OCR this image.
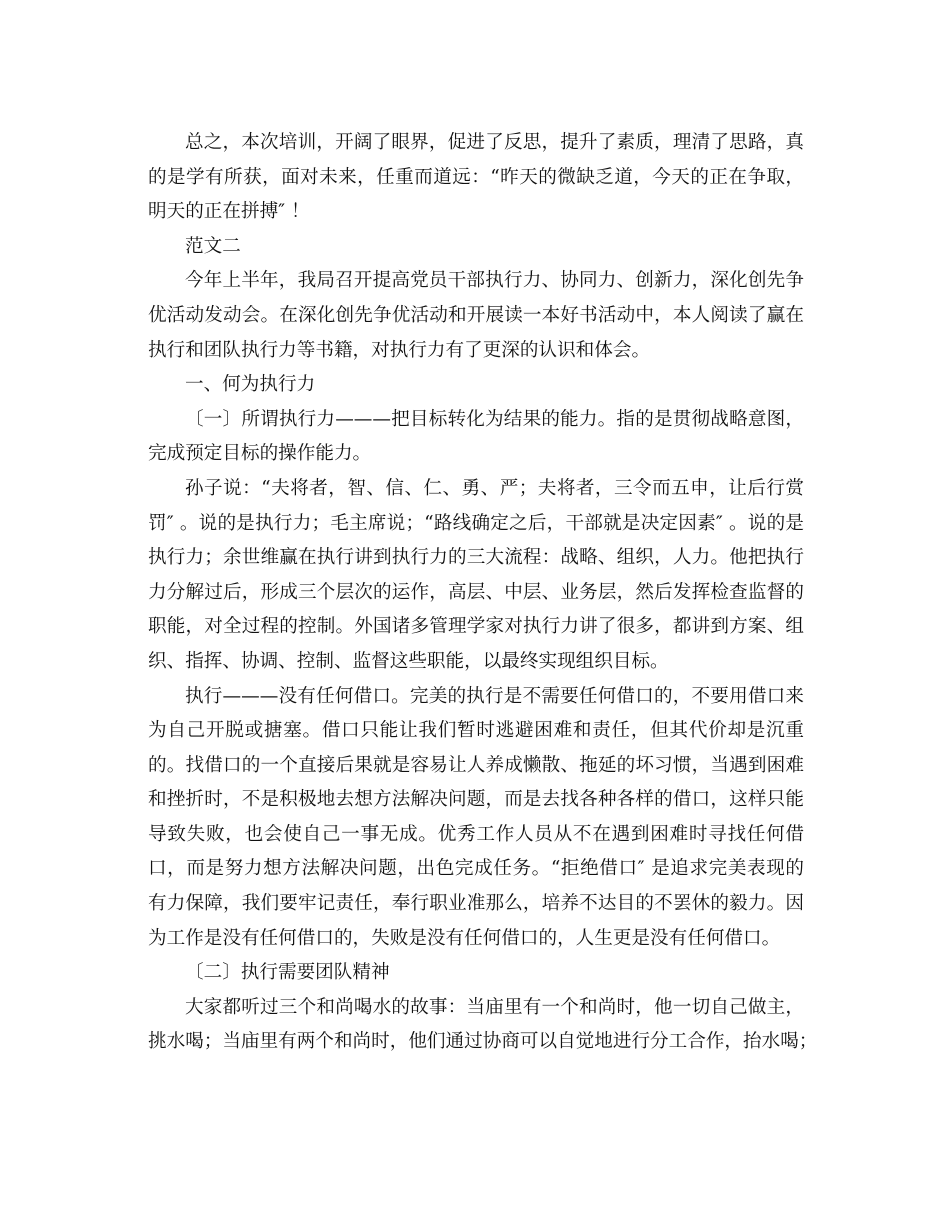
总之，本次培训，开阔了眼界，促进了反思，提升了素质，理清了思路，真
的是学有所获，面对未来，任重而道远：“昨天的微缺乏道，今天的正在争取，
明天的正在拼搏″ ！
范文二
今年上半年，我局召开提高党员干部执行力、协同力、创新力，深化创先争
优活动发动会。在深化创先争优活动和开展读一本好书活动中，本人阅读了赢在
执行和团队执行力等书籍，对执行力有了更深的认识和体会。
一、何为执行力
〔一〕所谓执行力———把目标转化为结果的能力。指的是贯彻战略意图，
完成预定目标的操作能力。
孙子说：“夫将者，智、信、仁、勇、严；夫将者，三令而五申，让后行赏
罚″ 。说的是执行力；毛主席说；“路线确定之后，干部就是决定因素″ 。说的是
执行力；余世维赢在执行讲到执行力的三大流程：战略、组织，人力。他把执行
力分解过后，形成三个层次的运作，高层、中层、业务层，然后发挥检查监督的
职能，对全过程的控制。外国诸多管理学家对执行力讲了很多，都讲到方案、组
织、指挥、协调、控制、监督这些职能，以最终实现组织目标。
执行———没有任何借口。完美的执行是不需要任何借口的，不要用借口来
为自己开脱或搪塞。借口只能让我们暂时逃避困难和责任，但其代价却是沉重
的。找借口的一个直接后果就是容易让人养成懒散、拖延的坏习惯，当遇到困难
和挫折时，不是积极地去想方法解决问题，而是去找各种各样的借口，这样只能
导致失败，也会使自己一事无成。优秀工作人员从不在遇到困难时寻找任何借
口，而是努力想方法解决问题，出色完成任务。“拒绝借口″ 是追求完美表现的
有力保障，我们要牢记责任，奉行职业准那么，培养不达目的不罢休的毅力。因
为工作是没有任何借口的，失败是没有任何借口的，人生更是没有任何借口。
〔二〕执行需要团队精神
大家都听过三个和尚喝水的故事：当庙里有一个和尚时，他一切自己做主，
挑水喝；当庙里有两个和尚时，他们通过协商可以自觉地进行分工合作，抬水喝；
